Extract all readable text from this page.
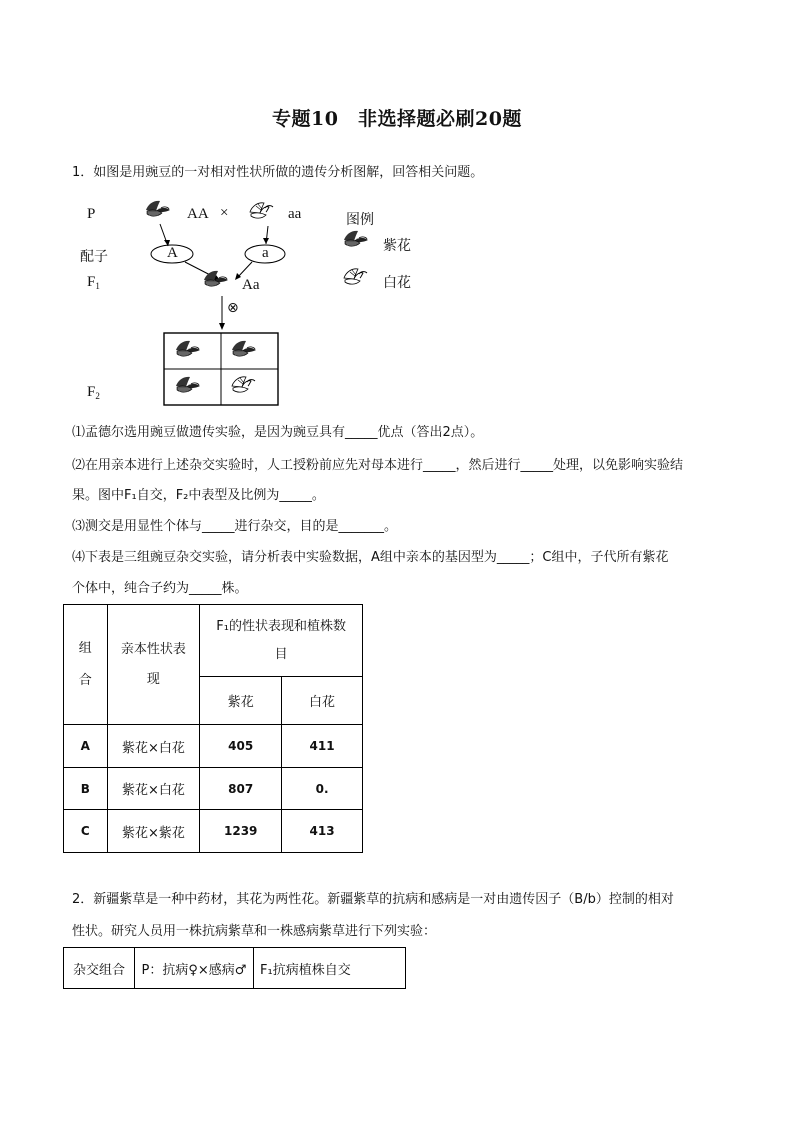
专题10　非选择题必刷20题
1．如图是用豌豆的一对相对性状所做的遗传分析图解，回答相关问题。
P
配子
$F_1$
$F_2$
AA ×	aa
A	a
Aa
⊗
图例
紫花
白花
⑴孟德尔选用豌豆做遗传实验，是因为豌豆具有_____优点（答出2点）。
⑵在用亲本进行上述杂交实验时，人工授粉前应先对母本进行_____，然后进行_____处理，以免影响实验结
果。图中F₁自交，F₂中表型及比例为_____。
⑶测交是用显性个体与_____进行杂交，目的是_______。
⑷下表是三组豌豆杂交实验，请分析表中实验数据，A组中亲本的基因型为_____；C组中，子代所有紫花
个体中，纯合子约为_____株。
组合	亲本性状表现	F₁的性状表现和植株数目	

		紫花	白花
A	紫花×白花	405	411
B	紫花×白花	807	0.
C	紫花×紫花	1239	413
2．新疆紫草是一种中药材，其花为两性花。新疆紫草的抗病和感病是一对由遗传因子（B/b）控制的相对
性状。研究人员用一株抗病紫草和一株感病紫草进行下列实验：
杂交组合	P：抗病♀×感病♂	F₁抗病植株自交
